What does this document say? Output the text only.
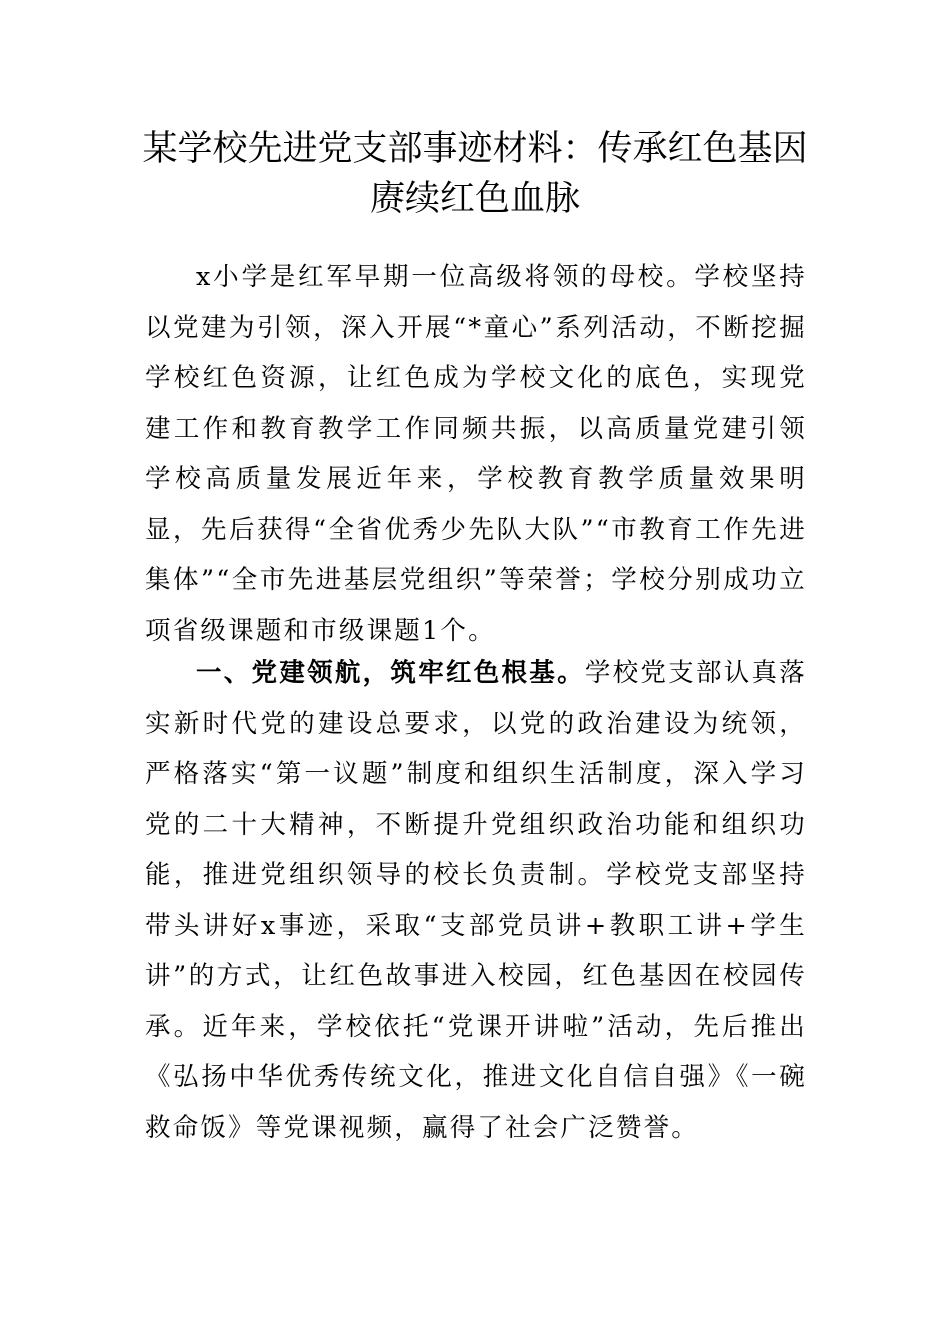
某学校先进党支部事迹材料：传承红色基因 赓续红色血脉

x小学是红军早期一位高级将领的母校。学校坚持以党建为引领，深入开展“*童心”系列活动，不断挖掘学校红色资源，让红色成为学校文化的底色，实现党建工作和教育教学工作同频共振，以高质量党建引领学校高质量发展近年来，学校教育教学质量效果明显，先后获得“全省优秀少先队大队”“市教育工作先进集体”“全市先进基层党组织”等荣誉；学校分别成功立项省级课题和市级课题1个。

一、党建领航，筑牢红色根基。学校党支部认真落实新时代党的建设总要求，以党的政治建设为统领，严格落实“第一议题”制度和组织生活制度，深入学习党的二十大精神，不断提升党组织政治功能和组织功能，推进党组织领导的校长负责制。学校党支部坚持带头讲好x事迹，采取“支部党员讲+教职工讲+学生讲”的方式，让红色故事进入校园，红色基因在校园传承。近年来，学校依托“党课开讲啦”活动，先后推出《弘扬中华优秀传统文化，推进文化自信自强》《一碗救命饭》等党课视频，赢得了社会广泛赞誉。
